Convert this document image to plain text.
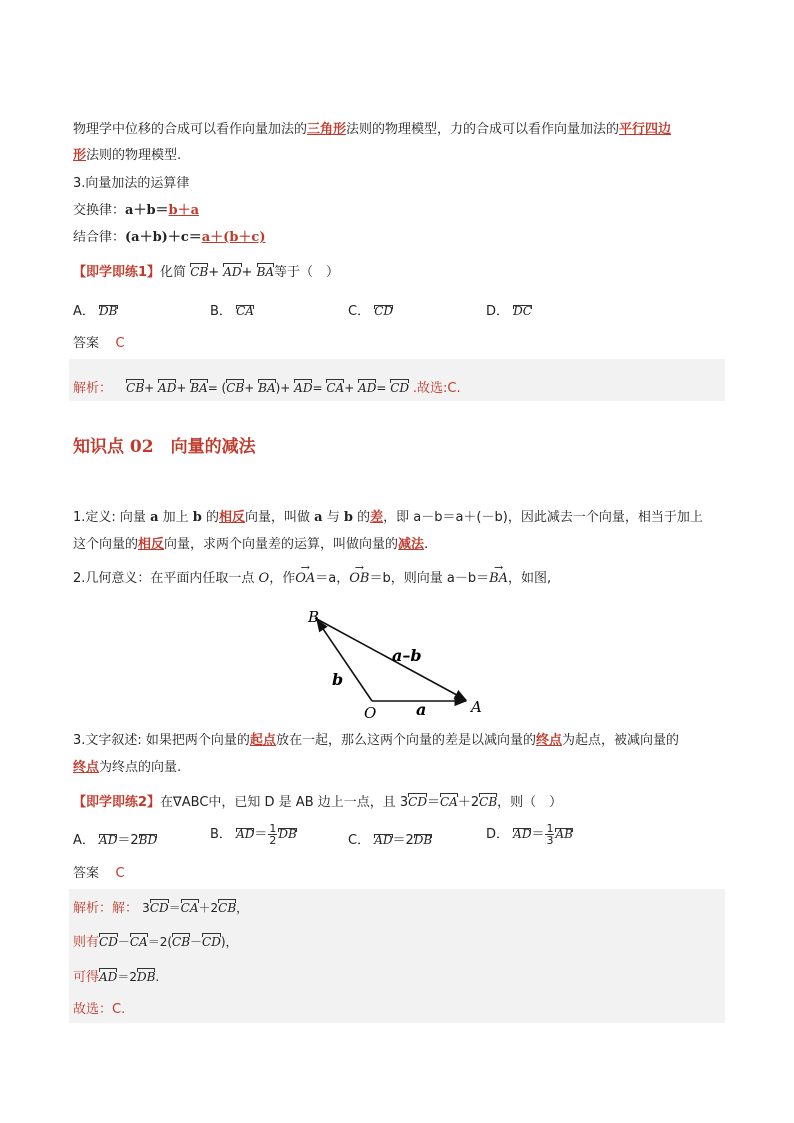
物理学中位移的合成可以看作向量加法的三角形法则的物理模型，力的合成可以看作向量加法的平行四边
形法则的物理模型.
3.向量加法的运算律
交换律：a＋b＝b＋a
结合律：(a＋b)＋c＝a＋(b＋c)
【即学即练1】化简 CB+ AD+ BA等于（　）
A． DB	B． CA	C． CD	D． DC
答案 C
解析： CB+ AD+ BA= (CB+ BA)+ AD= CA+ AD= CD .故选:C.
知识点 02　向量的减法
1.定义: 向量 a 加上 b 的相反向量，叫做 a 与 b 的差，即 a－b＝a＋(－b)，因此减去一个向量，相当于加上
这个向量的相反向量，求两个向量差的运算，叫做向量的减法.
2.几何意义：在平面内任取一点 O，作OA →＝a，OB →＝b，则向量 a－b＝BA →，如图,
B
O	A
a–b
b
a
3.文字叙述: 如果把两个向量的起点放在一起，那么这两个向量的差是以减向量的终点为起点，被减向量的
终点为终点的向量.
【即学即练2】在∇ABC中，已知 D 是 AB 边上一点，且 3CD＝CA＋2CB，则（　）
A． AD＝2BD	B． $AD= \frac{1}{2}$ DB	C． AD＝2DB	D． $AD= \frac{1}{3}$ AB
答案 C
解析：解： 3CD＝CA＋2CB，
则有CD－CA＝2(CB－CD)，
可得AD＝2DB.
故选：C.
